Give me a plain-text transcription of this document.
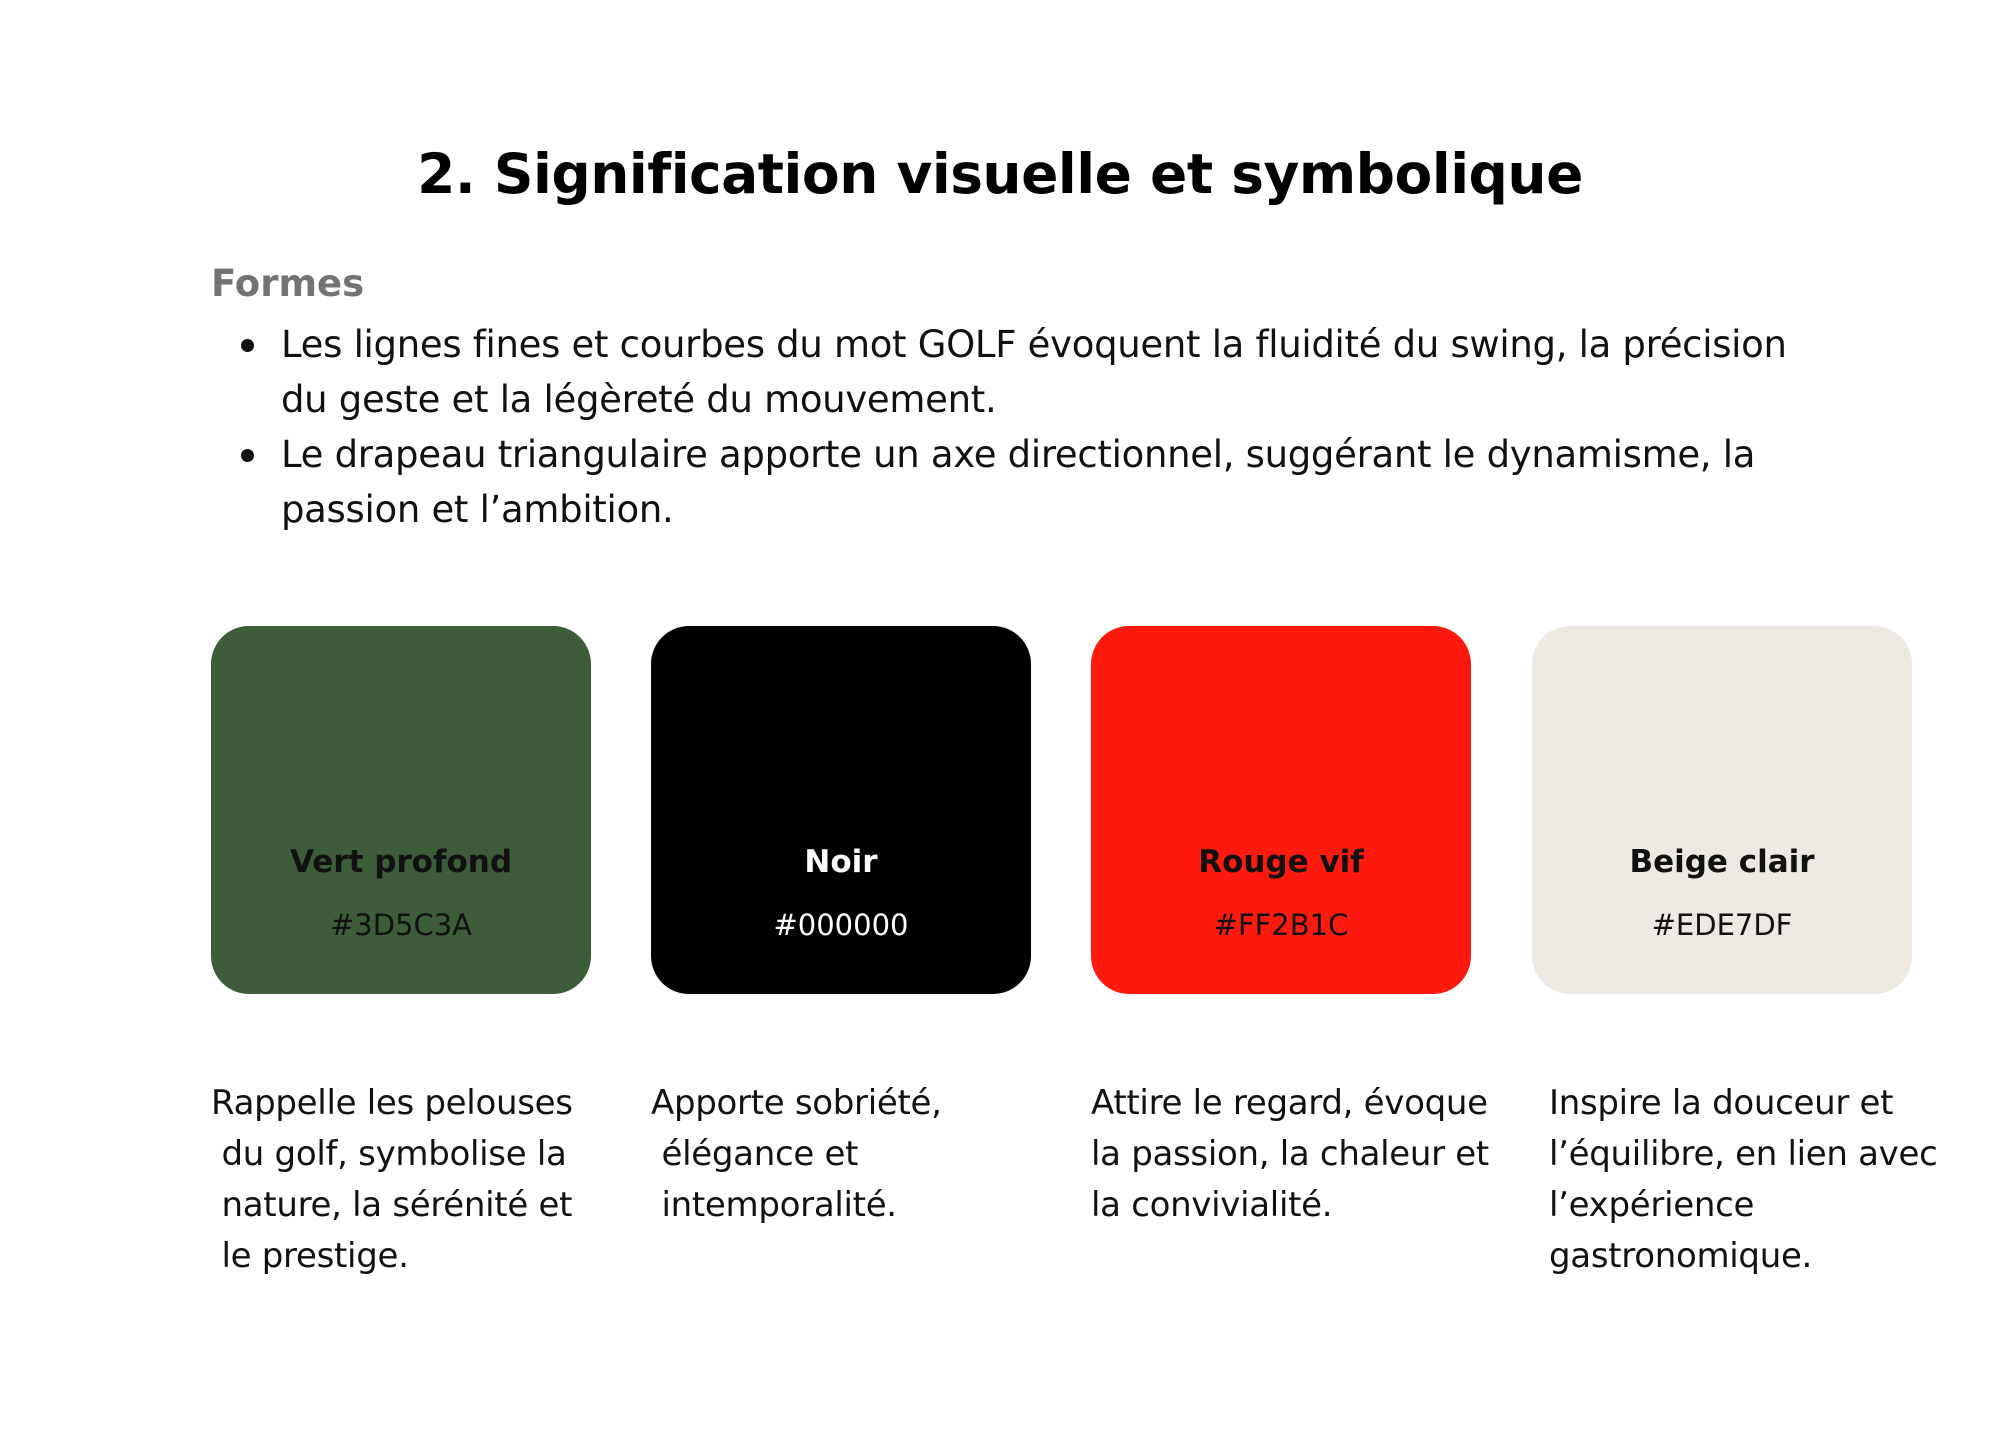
2. Signification visuelle et symbolique
Formes
Les lignes fines et courbes du mot GOLF évoquent la fluidité du swing, la précision
du geste et la légèreté du mouvement.
Le drapeau triangulaire apporte un axe directionnel, suggérant le dynamisme, la
passion et l’ambition.
Vert profond
#3D5C3A
Noir
#000000
Rouge vif
#FF2B1C
Beige clair
#EDE7DF
Rappelle les pelouses
du golf, symbolise la
nature, la sérénité et
le prestige.
Apporte sobriété,
élégance et
intemporalité.
Attire le regard, évoque
la passion, la chaleur et
la convivialité.
Inspire la douceur et
l’équilibre, en lien avec
l’expérience
gastronomique.
